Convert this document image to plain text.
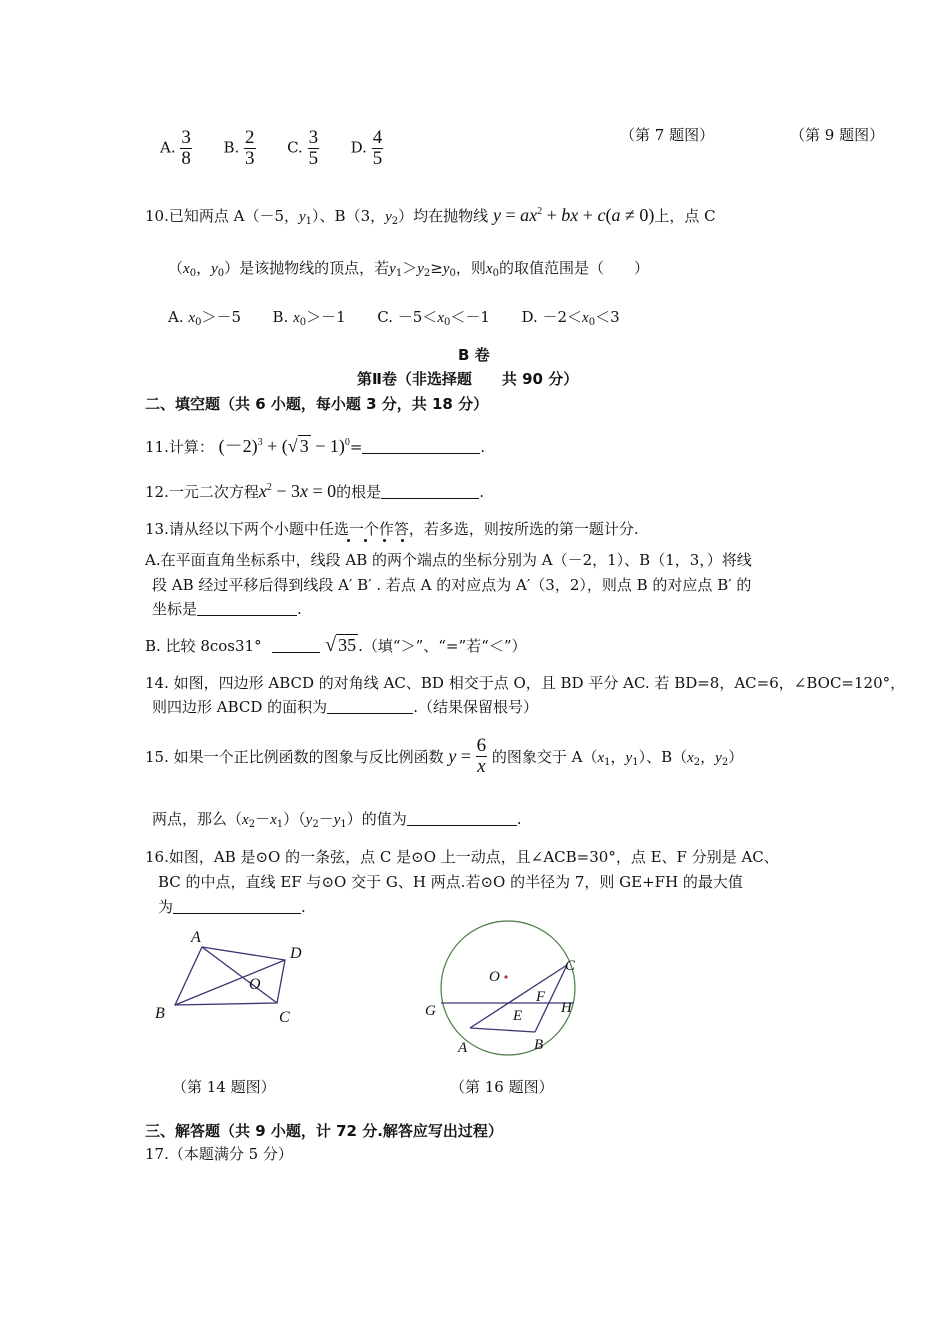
A. $\frac{3}{8} B$. $\frac{2}{3} C$. $\frac{3}{5} D$. $\frac{4}{5}$	（第 7 题图）	（第 9 题图）
10.已知两点 A（－5，$y_1$）、B（3，$y_2$）均在抛物线 $y = ax^2$ + bx + c(a ≠ 0)上，点 C
（$x_0$，$y_0$）是该抛物线的顶点，若$y_1>y_2\ge y_0$，则$x_0$的取值范围是（　　）
A. $x_0>-5$ B. $x_0>-1$ C. $-5<x_0<-1$ D. $-2<x_0<3$
B 卷
第Ⅱ卷（非选择题　　共 90 分）
二、填空题（共 6 小题，每小题 3 分，共 18 分）
11.计算： $(-2)^3$ + (√ 3 − 1)$^0$=	.
12.一元二次方程$x^2 - 3x = 0$的根是	.
13.请从经以下两个小题中任选一个作答，若多选，则按所选的第一题计分.
A.在平面直角坐标系中，线段 AB 的两个端点的坐标分别为 A（－2，1）、B（1，3，）将线
段 AB 经过平移后得到线段 A′ B′ . 若点 A 的对应点为 A′（3，2），则点 B 的对应点 B′ 的
坐标是	.
B. 比较 8cos31°	√ 35 .（填“＞”、“=”若“＜”）
14. 如图，四边形 ABCD 的对角线 AC、BD 相交于点 O，且 BD 平分 AC. 若 BD=8，AC=6，∠BOC=120°，
则四边形 ABCD 的面积为	.（结果保留根号）
15. 如果一个正比例函数的图象与反比例函数 $y = \frac{6}{x}$ 的图象交于 $A(x_1$，$y_1$）、$B(x_2$，$y_2$）
两点，那么$(x_2-x_1)(y_2-y_1)$的值为	.
16.如图，AB 是⊙O 的一条弦，点 C 是⊙O 上一动点，且∠ACB=30°，点 E、F 分别是 AC、
BC 的中点，直线 EF 与⊙O 交于 G、H 两点.若⊙O 的半径为 7，则 GE+FH 的最大值
为	.
A
D
O
B	C
（第 14 题图）
O
C
G
F
H
E
A	B
（第 16 题图）
三、解答题（共 9 小题，计 72 分.解答应写出过程）
17.（本题满分 5 分）
